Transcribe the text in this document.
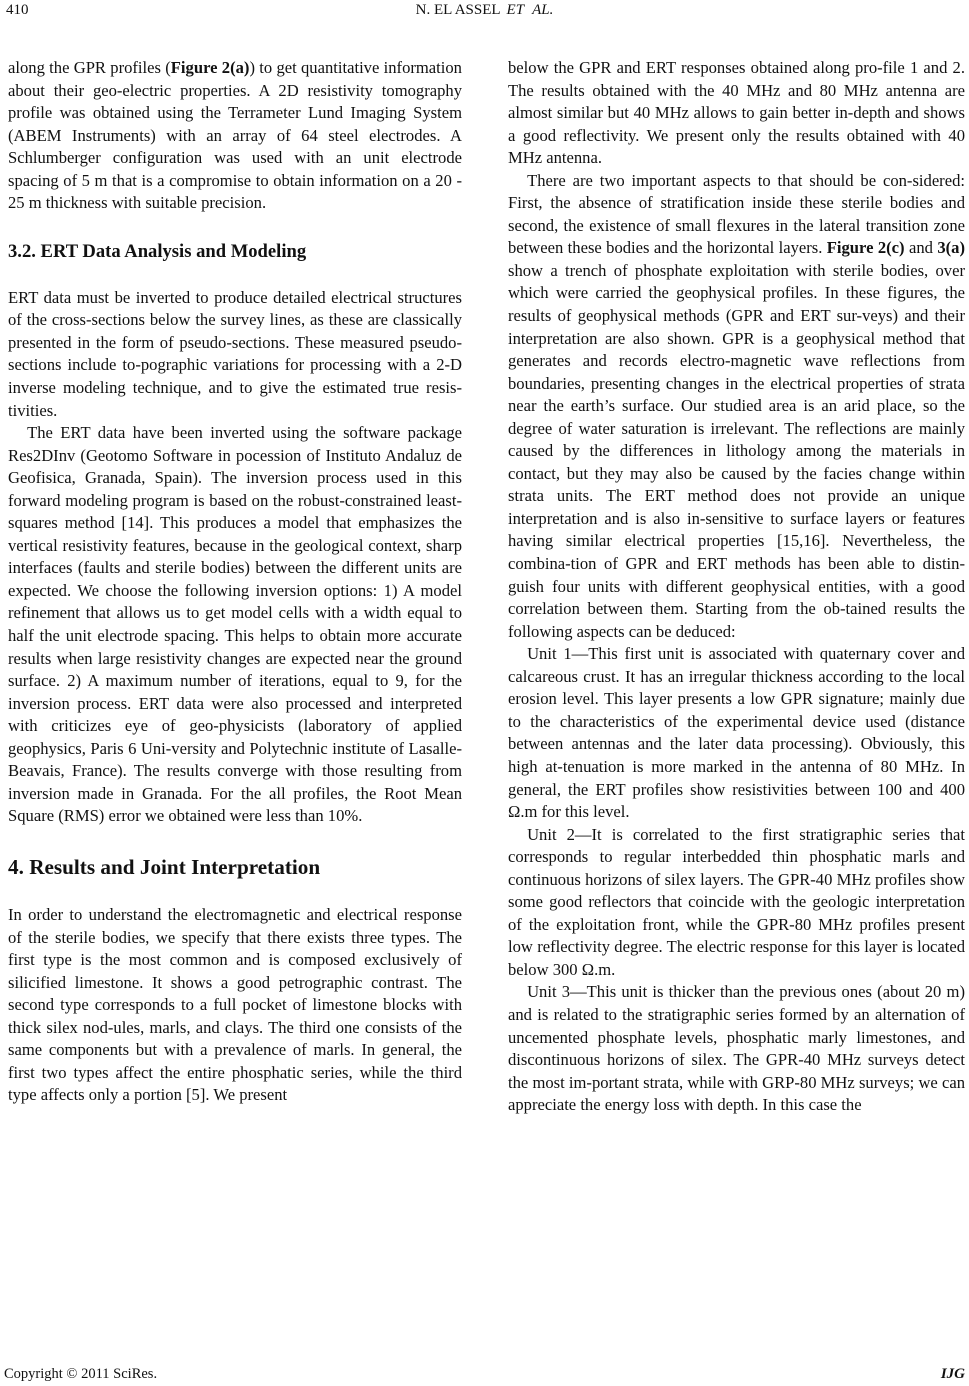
410	N. EL ASSEL ET AL.

along the GPR profiles (Figure 2(a)) to get quantitative information about their geo-electric properties. A 2D resistivity tomography profile was obtained using the Terrameter Lund Imaging System (ABEM Instruments) with an array of 64 steel electrodes. A Schlumberger configuration was used with an unit electrode spacing of 5 m that is a compromise to obtain information on a 20 - 25 m thickness with suitable precision.

3.2. ERT Data Analysis and Modeling

ERT data must be inverted to produce detailed electrical structures of the cross-sections below the survey lines, as these are classically presented in the form of pseudo-sections. These measured pseudo-sections include to-pographic variations for processing with a 2-D inverse modeling technique, and to give the estimated true resis-tivities.

The ERT data have been inverted using the software package Res2DInv (Geotomo Software in pocession of Instituto Andaluz de Geofisica, Granada, Spain). The inversion process used in this forward modeling program is based on the robust-constrained least-squares method [14]. This produces a model that emphasizes the vertical resistivity features, because in the geological context, sharp interfaces (faults and sterile bodies) between the different units are expected. We choose the following inversion options: 1) A model refinement that allows us to get model cells with a width equal to half the unit electrode spacing. This helps to obtain more accurate results when large resistivity changes are expected near the ground surface. 2) A maximum number of iterations, equal to 9, for the inversion process. ERT data were also processed and interpreted with criticizes eye of geo-physicists (laboratory of applied geophysics, Paris 6 Uni-versity and Polytechnic institute of Lasalle-Beavais, France). The results converge with those resulting from inversion made in Granada. For the all profiles, the Root Mean Square (RMS) error we obtained were less than 10%.

4. Results and Joint Interpretation

In order to understand the electromagnetic and electrical response of the sterile bodies, we specify that there exists three types. The first type is the most common and is composed exclusively of silicified limestone. It shows a good petrographic contrast. The second type corresponds to a full pocket of limestone blocks with thick silex nod-ules, marls, and clays. The third one consists of the same components but with a prevalence of marls. In general, the first two types affect the entire phosphatic series, while the third type affects only a portion [5]. We present

below the GPR and ERT responses obtained along pro-file 1 and 2. The results obtained with the 40 MHz and 80 MHz antenna are almost similar but 40 MHz allows to gain better in-depth and shows a good reflectivity. We present only the results obtained with 40 MHz antenna.

There are two important aspects to that should be con-sidered: First, the absence of stratification inside these sterile bodies and second, the existence of small flexures in the lateral transition zone between these bodies and the horizontal layers. Figure 2(c) and 3(a) show a trench of phosphate exploitation with sterile bodies, over which were carried the geophysical profiles. In these figures, the results of geophysical methods (GPR and ERT sur-veys) and their interpretation are also shown. GPR is a geophysical method that generates and records electro-magnetic wave reflections from boundaries, presenting changes in the electrical properties of strata near the earth’s surface. Our studied area is an arid place, so the degree of water saturation is irrelevant. The reflections are mainly caused by the differences in lithology among the materials in contact, but they may also be caused by the facies change within strata units. The ERT method does not provide an unique interpretation and is also in-sensitive to surface layers or features having similar electrical properties [15,16]. Nevertheless, the combina-tion of GPR and ERT methods has been able to distin-guish four units with different geophysical entities, with a good correlation between them. Starting from the ob-tained results the following aspects can be deduced:

Unit 1—This first unit is associated with quaternary cover and calcareous crust. It has an irregular thickness according to the local erosion level. This layer presents a low GPR signature; mainly due to the characteristics of the experimental device used (distance between antennas and the later data processing). Obviously, this high at-tenuation is more marked in the antenna of 80 MHz. In general, the ERT profiles show resistivities between 100 and 400 Ω.m for this level.

Unit 2—It is correlated to the first stratigraphic series that corresponds to regular interbedded thin phosphatic marls and continuous horizons of silex layers. The GPR-40 MHz profiles show some good reflectors that coincide with the geologic interpretation of the exploitation front, while the GPR-80 MHz profiles present low reflectivity degree. The electric response for this layer is located below 300 Ω.m.

Unit 3—This unit is thicker than the previous ones (about 20 m) and is related to the stratigraphic series formed by an alternation of uncemented phosphate levels, phosphatic marly limestones, and discontinuous horizons of silex. The GPR-40 MHz surveys detect the most im-portant strata, while with GRP-80 MHz surveys; we can appreciate the energy loss with depth. In this case the

Copyright © 2011 SciRes.	IJG
